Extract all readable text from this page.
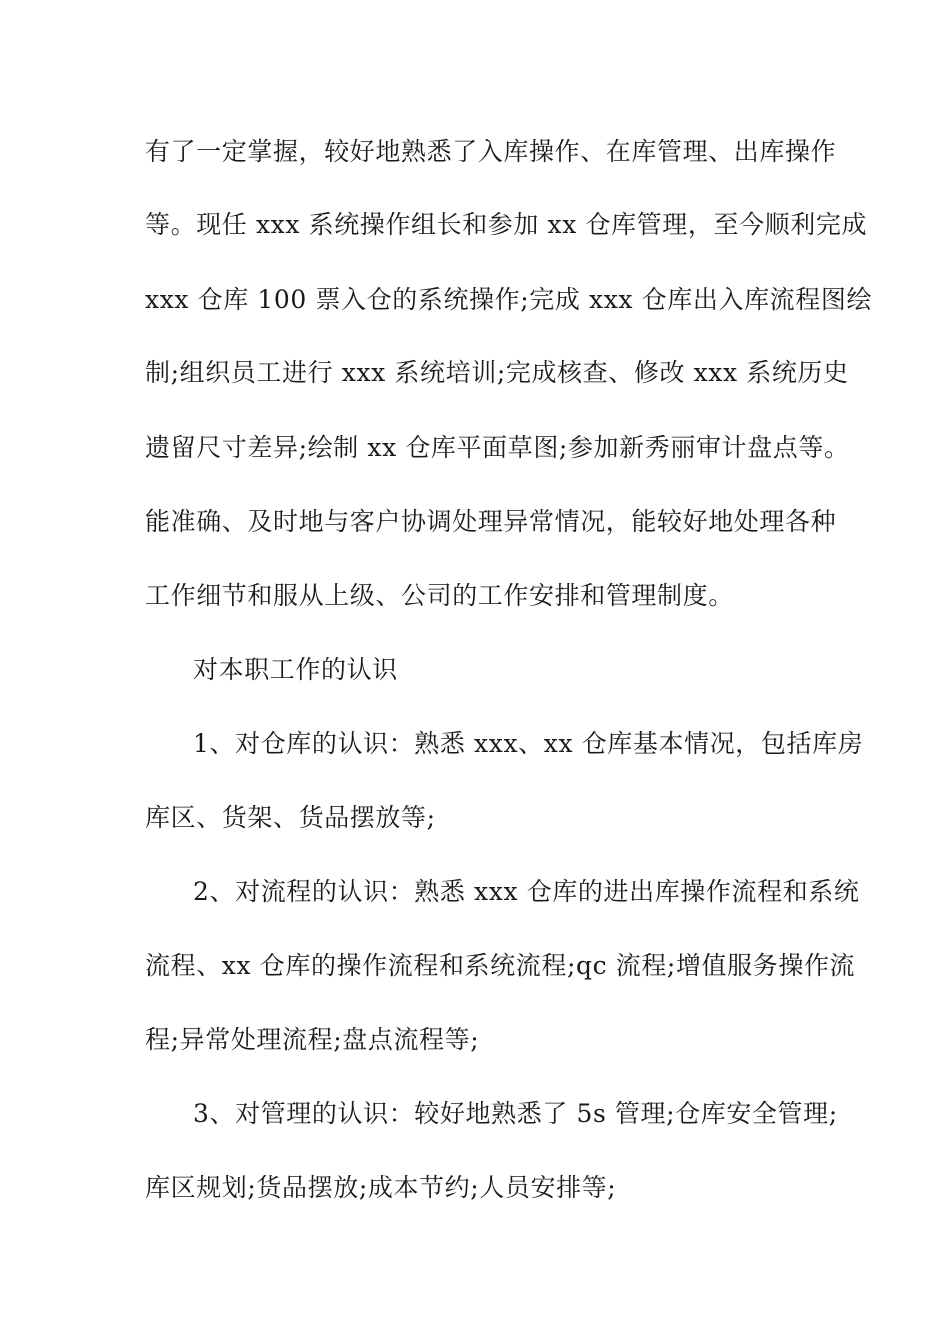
有了一定掌握，较好地熟悉了入库操作、在库管理、出库操作
等。现任 xxx 系统操作组长和参加 xx 仓库管理，至今顺利完成
xxx 仓库 100 票入仓的系统操作;完成 xxx 仓库出入库流程图绘
制;组织员工进行 xxx 系统培训;完成核查、修改 xxx 系统历史
遗留尺寸差异;绘制 xx 仓库平面草图;参加新秀丽审计盘点等。
能准确、及时地与客户协调处理异常情况，能较好地处理各种
工作细节和服从上级、公司的工作安排和管理制度。
对本职工作的认识
1、对仓库的认识：熟悉 xxx、xx 仓库基本情况，包括库房
库区、货架、货品摆放等;
2、对流程的认识：熟悉 xxx 仓库的进出库操作流程和系统
流程、xx 仓库的操作流程和系统流程;qc 流程;增值服务操作流
程;异常处理流程;盘点流程等;
3、对管理的认识：较好地熟悉了 5s 管理;仓库安全管理;
库区规划;货品摆放;成本节约;人员安排等;
